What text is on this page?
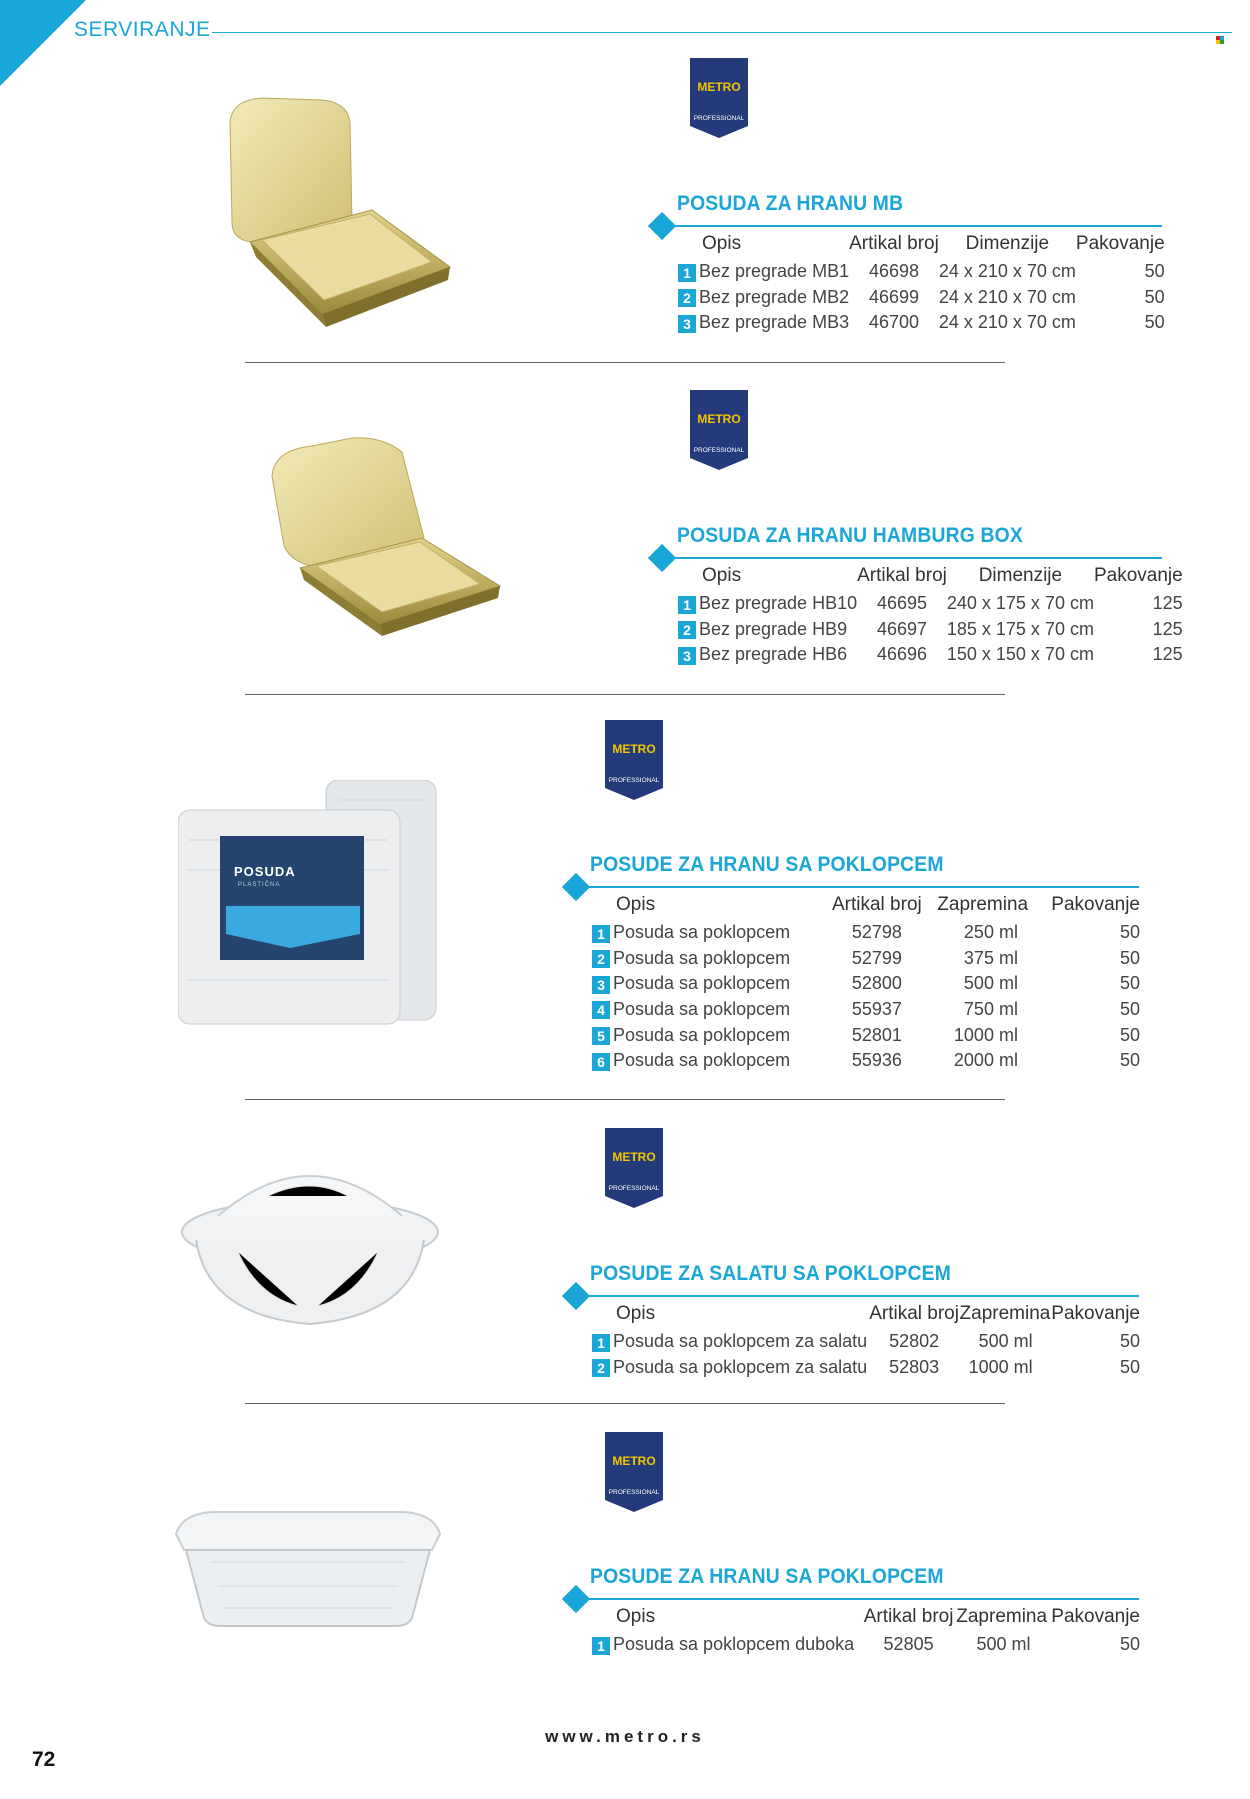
SERVIRANJE
METRO
PROFESSIONAL
POSUDA ZA HRANU MB
Opis	Artikal broj	Dimenzije	Pakovanje
1 Bez pregrade MB1	46698	24 x 210 x 70 cm	50
2 Bez pregrade MB2	46699	24 x 210 x 70 cm	50
3 Bez pregrade MB3	46700	24 x 210 x 70 cm	50
METRO
PROFESSIONAL
POSUDA ZA HRANU HAMBURG BOX
Opis	Artikal broj	Dimenzije	Pakovanje
1 Bez pregrade HB10	46695	240 x 175 x 70 cm	125
2 Bez pregrade HB9	46697	185 x 175 x 70 cm	125
3 Bez pregrade HB6	46696	150 x 150 x 70 cm	125
POSUDA
PLASTIČNA
METRO
PROFESSIONAL
POSUDE ZA HRANU SA POKLOPCEM
Opis	Artikal broj	Zapremina	Pakovanje
1 Posuda sa poklopcem	52798	250 ml	50
2 Posuda sa poklopcem	52799	375 ml	50
3 Posuda sa poklopcem	52800	500 ml	50
4 Posuda sa poklopcem	55937	750 ml	50
5 Posuda sa poklopcem	52801	1000 ml	50
6 Posuda sa poklopcem	55936	2000 ml	50
METRO
PROFESSIONAL
POSUDE ZA SALATU SA POKLOPCEM
Opis	Artikal broj	Zapremina	Pakovanje
1 Posuda sa poklopcem za salatu	52802	500 ml	50
2 Posuda sa poklopcem za salatu	52803	1000 ml	50
METRO
PROFESSIONAL
POSUDE ZA HRANU SA POKLOPCEM
Opis	Artikal broj	Zapremina	Pakovanje
1 Posuda sa poklopcem duboka	52805	500 ml	50
www.metro.rs
72
